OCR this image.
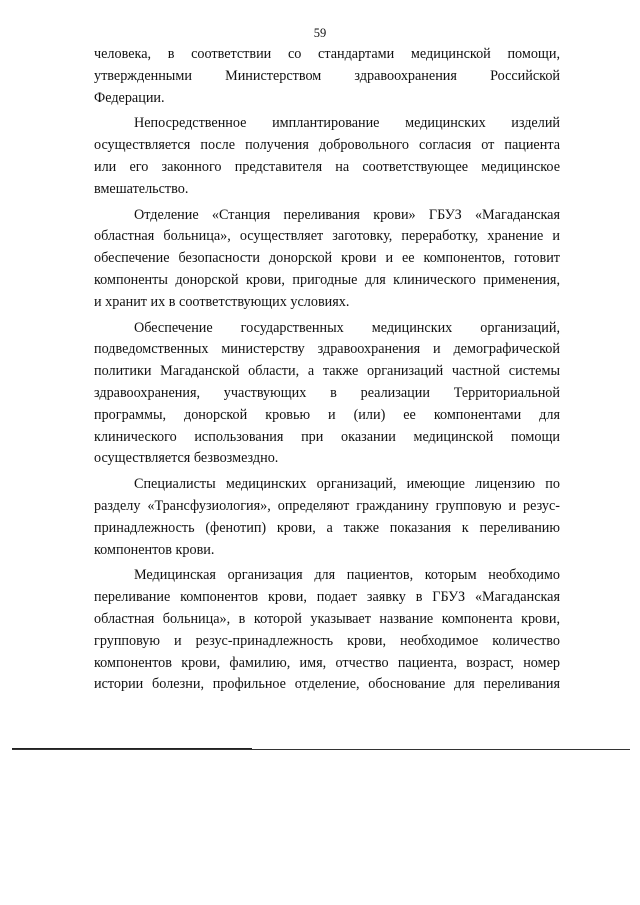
59
человека, в соответствии со стандартами медицинской помощи,
утвержденными Министерством здравоохранения Российской
Федерации.
Непосредственное имплантирование медицинских изделий
осуществляется после получения добровольного согласия от пациента
или его законного представителя на соответствующее медицинское
вмешательство.
Отделение «Станция переливания крови» ГБУЗ «Магаданская
областная больница», осуществляет заготовку, переработку, хранение и
обеспечение безопасности донорской крови и ее компонентов, готовит
компоненты донорской крови, пригодные для клинического применения,
и хранит их в соответствующих условиях.
Обеспечение государственных медицинских организаций,
подведомственных министерству здравоохранения и демографической
политики Магаданской области, а также организаций частной системы
здравоохранения, участвующих в реализации Территориальной
программы, донорской кровью и (или) ее компонентами для
клинического использования при оказании медицинской помощи
осуществляется безвозмездно.
Специалисты медицинских организаций, имеющие лицензию по
разделу «Трансфузиология», определяют гражданину групповую и резус-
принадлежность (фенотип) крови, а также показания к переливанию
компонентов крови.
Медицинская организация для пациентов, которым необходимо
переливание компонентов крови, подает заявку в ГБУЗ «Магаданская
областная больница», в которой указывает название компонента крови,
групповую и резус-принадлежность крови, необходимое количество
компонентов крови, фамилию, имя, отчество пациента, возраст, номер
истории болезни, профильное отделение, обоснование для переливания
